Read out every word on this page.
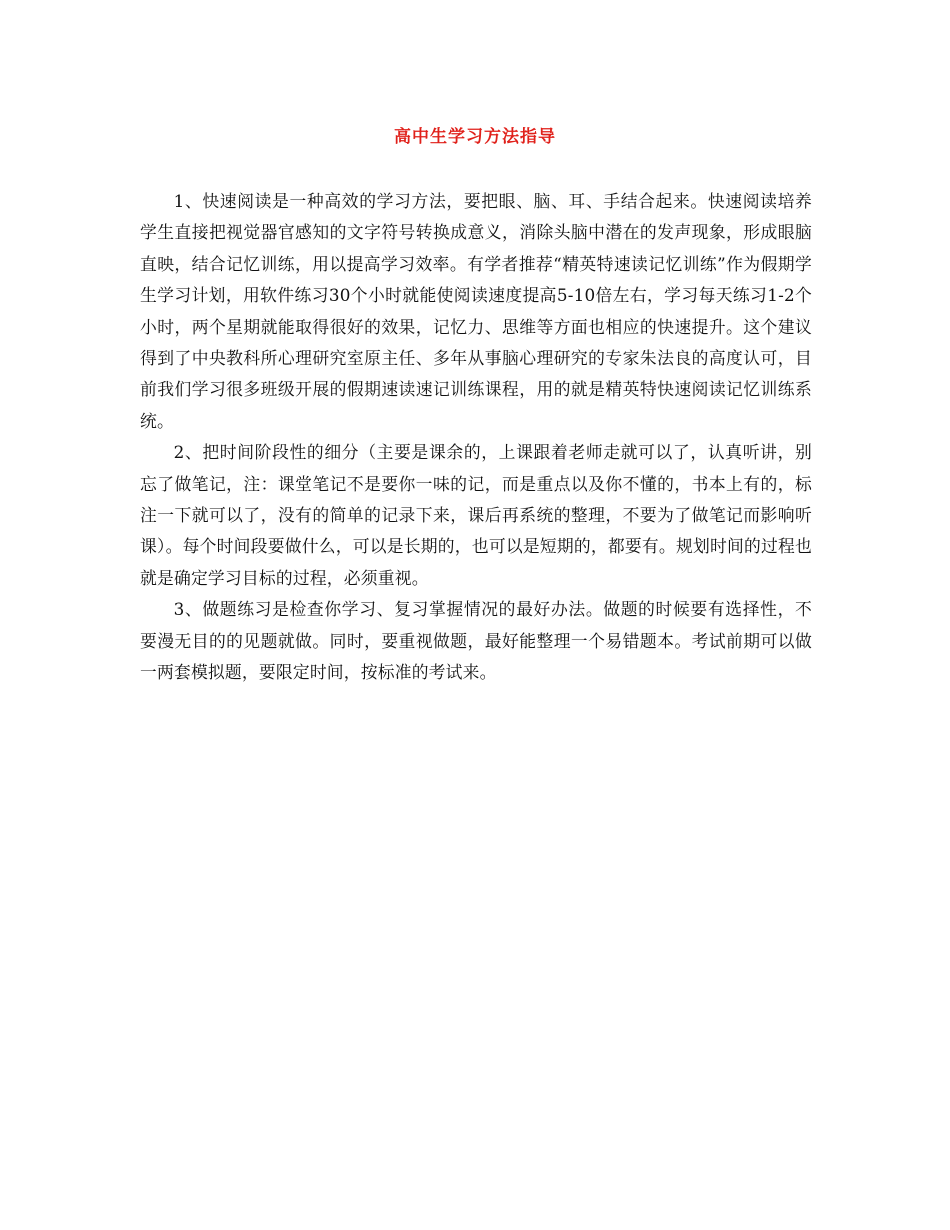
高中生学习方法指导

1、快速阅读是一种高效的学习方法，要把眼、脑、耳、手结合起来。快速阅读培养学生直接把视觉器官感知的文字符号转换成意义，消除头脑中潜在的发声现象，形成眼脑直映，结合记忆训练，用以提高学习效率。有学者推荐“精英特速读记忆训练”作为假期学生学习计划，用软件练习30个小时就能使阅读速度提高5-10倍左右，学习每天练习1-2个小时，两个星期就能取得很好的效果，记忆力、思维等方面也相应的快速提升。这个建议得到了中央教科所心理研究室原主任、多年从事脑心理研究的专家朱法良的高度认可，目前我们学习很多班级开展的假期速读速记训练课程，用的就是精英特快速阅读记忆训练系统。

2、把时间阶段性的细分（主要是课余的，上课跟着老师走就可以了，认真听讲，别忘了做笔记，注：课堂笔记不是要你一味的记，而是重点以及你不懂的，书本上有的，标注一下就可以了，没有的简单的记录下来，课后再系统的整理，不要为了做笔记而影响听课）。每个时间段要做什么，可以是长期的，也可以是短期的，都要有。规划时间的过程也就是确定学习目标的过程，必须重视。

3、做题练习是检查你学习、复习掌握情况的最好办法。做题的时候要有选择性，不要漫无目的的见题就做。同时，要重视做题，最好能整理一个易错题本。考试前期可以做一两套模拟题，要限定时间，按标准的考试来。
